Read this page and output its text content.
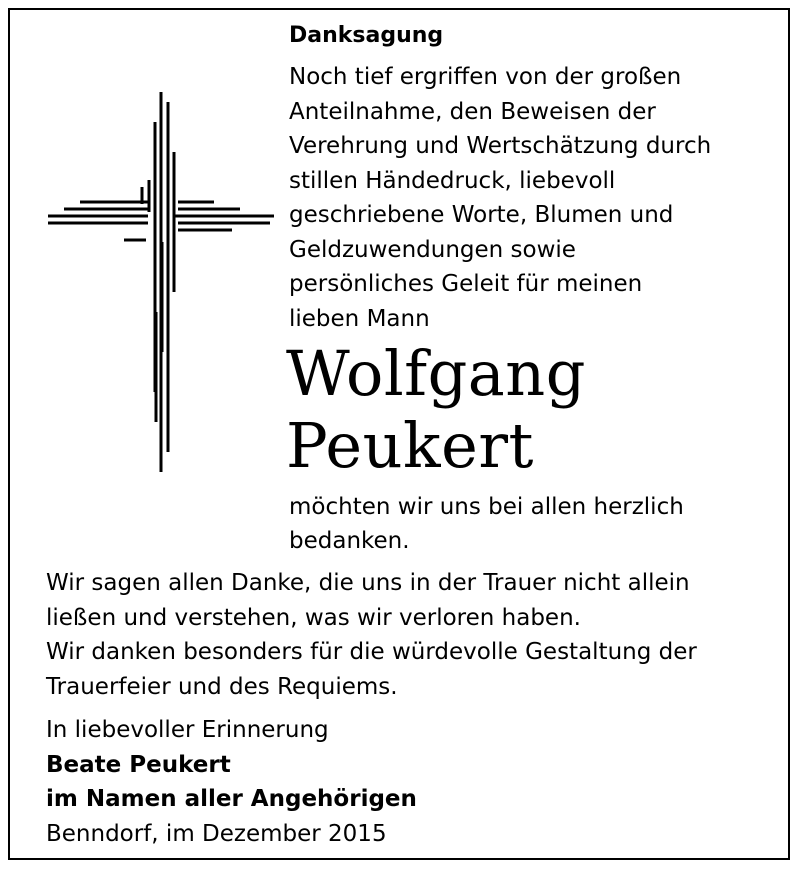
Danksagung
Noch tief ergriffen von der großen
Anteilnahme, den Beweisen der
Verehrung und Wertschätzung durch
stillen Händedruck, liebevoll
geschriebene Worte, Blumen und
Geldzuwendungen sowie
persönliches Geleit für meinen
lieben Mann
Wolfgang
Peukert
möchten wir uns bei allen herzlich
bedanken.
Wir sagen allen Danke, die uns in der Trauer nicht allein
ließen und verstehen, was wir verloren haben.
Wir danken besonders für die würdevolle Gestaltung der
Trauerfeier und des Requiems.
In liebevoller Erinnerung
Beate Peukert
im Namen aller Angehörigen
Benndorf, im Dezember 2015
